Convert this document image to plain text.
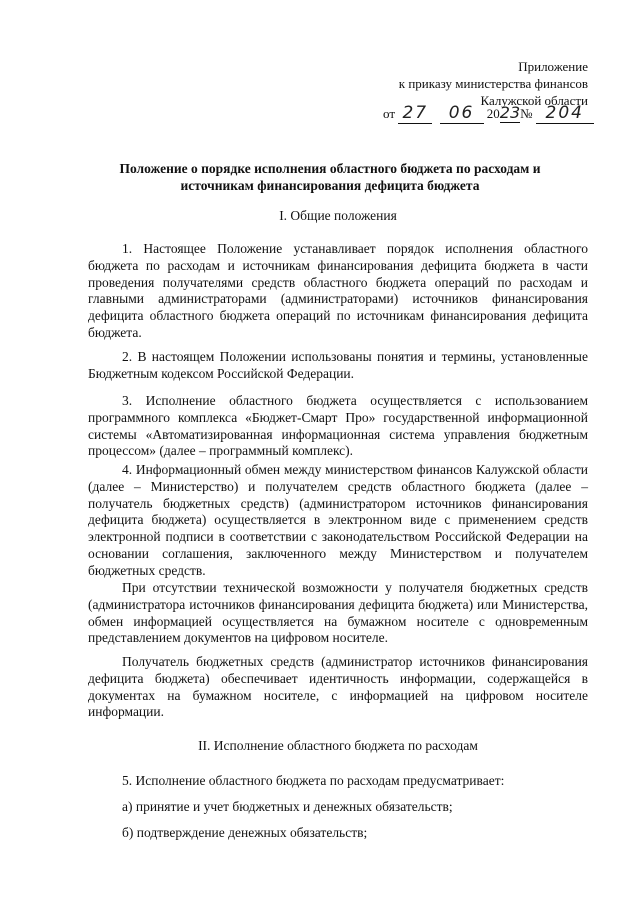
Приложение
к приказу министерства финансов
Калужской области
от 27 06 2023№ 204
Положение о порядке исполнения областного бюджета по расходам и источникам финансирования дефицита бюджета
I. Общие положения

1. Настоящее Положение устанавливает порядок исполнения областного бюджета по расходам и источникам финансирования дефицита бюджета в части проведения получателями средств областного бюджета операций по расходам и главными администраторами (администраторами) источников финансирования дефицита областного бюджета операций по источникам финансирования дефицита бюджета.

2. В настоящем Положении использованы понятия и термины, установленные Бюджетным кодексом Российской Федерации.

3. Исполнение областного бюджета осуществляется с использованием программного комплекса «Бюджет-Смарт Про» государственной информационной системы «Автоматизированная информационная система управления бюджетным процессом» (далее – программный комплекс).

4. Информационный обмен между министерством финансов Калужской области (далее – Министерство) и получателем средств областного бюджета (далее – получатель бюджетных средств) (администратором источников финансирования дефицита бюджета) осуществляется в электронном виде с применением средств электронной подписи в соответствии с законодательством Российской Федерации на основании соглашения, заключенного между Министерством и получателем бюджетных средств.

При отсутствии технической возможности у получателя бюджетных средств (администратора источников финансирования дефицита бюджета) или Министерства, обмен информацией осуществляется на бумажном носителе с одновременным представлением документов на цифровом носителе.

Получатель бюджетных средств (администратор источников финансирования дефицита бюджета) обеспечивает идентичность информации, содержащейся в документах на бумажном носителе, с информацией на цифровом носителе информации.

II. Исполнение областного бюджета по расходам

5. Исполнение областного бюджета по расходам предусматривает:

а) принятие и учет бюджетных и денежных обязательств;

б) подтверждение денежных обязательств;
